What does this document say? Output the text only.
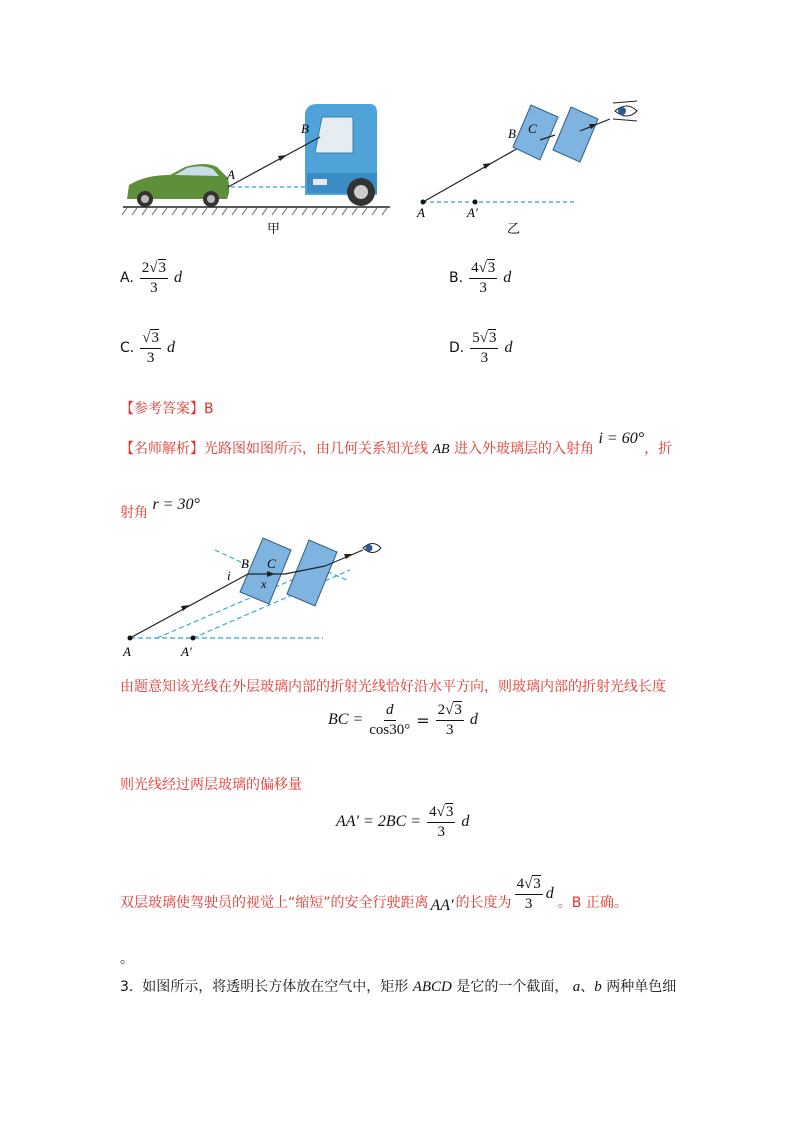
A
B
A	A′
B C
甲	乙
A. $\frac{2√3}{3}$ d	B. $\frac{4√3}{3}$ d
C. $\frac{√3}{3}$ d	D. $\frac{5√3}{3}$ d
【参考答案】B
【名师解析】光路图如图所示，由几何关系知光线 AB 进入外玻璃层的入射角 i = 60°，折
射角 r = 30°
A	A′
B C
i
x
由题意知该光线在外层玻璃内部的折射光线恰好沿水平方向，则玻璃内部的折射光线长度
BC = $\frac{d}{\cos 30^\circ} = \frac{2√3}{3}$ d
则光线经过两层玻璃的偏移量
$AA' = 2BC = \frac{4√3}{3}$ d
双层玻璃使驾驶员的视觉上“缩短”的安全行驶距离 AA′ 的长度为 $\frac{4√3}{3}$ d
。B 正确。
。
3. 如图所示，将透明长方体放在空气中，矩形 ABCD 是它的一个截面， a、b 两种单色细
